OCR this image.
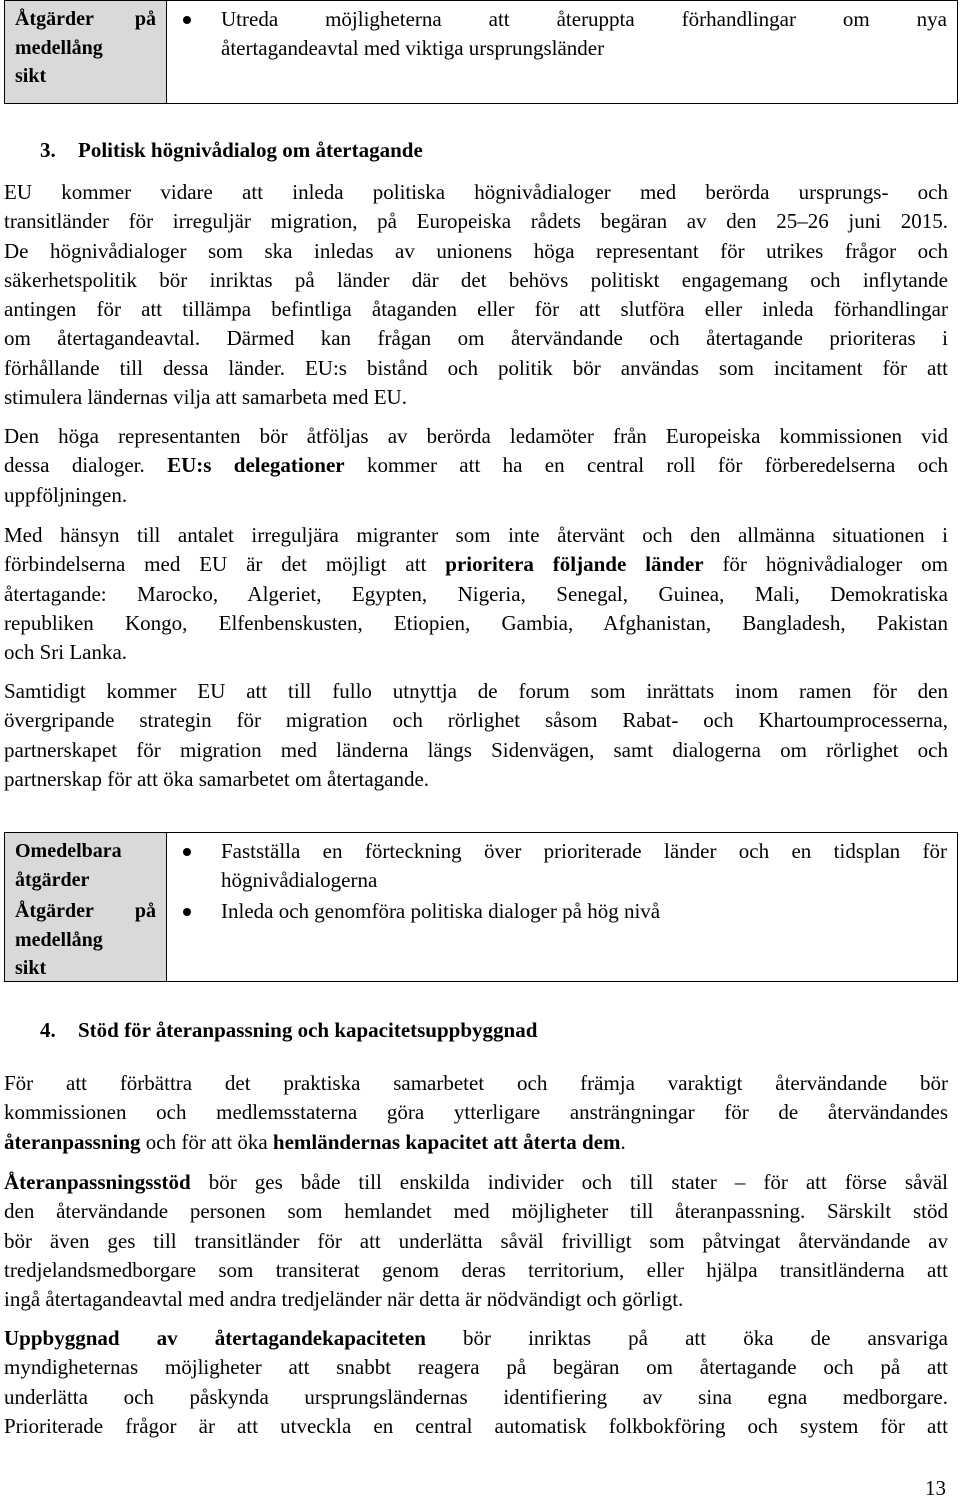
Åtgärder på
medellång
sikt
Utreda möjligheterna att återuppta förhandlingar om nya
återtagandeavtal med viktiga ursprungsländer
3. Politisk högnivådialog om återtagande
EU kommer vidare att inleda politiska högnivådialoger med berörda ursprungs- och
transitländer för irreguljär migration, på Europeiska rådets begäran av den 25–26 juni 2015.
De högnivådialoger som ska inledas av unionens höga representant för utrikes frågor och
säkerhetspolitik bör inriktas på länder där det behövs politiskt engagemang och inflytande
antingen för att tillämpa befintliga åtaganden eller för att slutföra eller inleda förhandlingar
om återtagandeavtal. Därmed kan frågan om återvändande och återtagande prioriteras i
förhållande till dessa länder. EU:s bistånd och politik bör användas som incitament för att
stimulera ländernas vilja att samarbeta med EU.
Den höga representanten bör åtföljas av berörda ledamöter från Europeiska kommissionen vid
dessa dialoger. EU:s delegationer kommer att ha en central roll för förberedelserna och
uppföljningen.
Med hänsyn till antalet irreguljära migranter som inte återvänt och den allmänna situationen i
förbindelserna med EU är det möjligt att prioritera följande länder för högnivådialoger om
återtagande: Marocko, Algeriet, Egypten, Nigeria, Senegal, Guinea, Mali, Demokratiska
republiken Kongo, Elfenbenskusten, Etiopien, Gambia, Afghanistan, Bangladesh, Pakistan
och Sri Lanka.
Samtidigt kommer EU att till fullo utnyttja de forum som inrättats inom ramen för den
övergripande strategin för migration och rörlighet såsom Rabat- och Khartoumprocesserna,
partnerskapet för migration med länderna längs Sidenvägen, samt dialogerna om rörlighet och
partnerskap för att öka samarbetet om återtagande.
Omedelbara
åtgärder
Åtgärder på
medellång
sikt
Fastställa en förteckning över prioriterade länder och en tidsplan för
högnivådialogerna
Inleda och genomföra politiska dialoger på hög nivå
4. Stöd för återanpassning och kapacitetsuppbyggnad
För att förbättra det praktiska samarbetet och främja varaktigt återvändande bör
kommissionen och medlemsstaterna göra ytterligare ansträngningar för de återvändandes
återanpassning och för att öka hemländernas kapacitet att återta dem.
Återanpassningsstöd bör ges både till enskilda individer och till stater – för att förse såväl
den återvändande personen som hemlandet med möjligheter till återanpassning. Särskilt stöd
bör även ges till transitländer för att underlätta såväl frivilligt som påtvingat återvändande av
tredjelandsmedborgare som transiterat genom deras territorium, eller hjälpa transitländerna att
ingå återtagandeavtal med andra tredjeländer när detta är nödvändigt och görligt.
Uppbyggnad av återtagandekapaciteten bör inriktas på att öka de ansvariga
myndigheternas möjligheter att snabbt reagera på begäran om återtagande och på att
underlätta och påskynda ursprungsländernas identifiering av sina egna medborgare.
Prioriterade frågor är att utveckla en central automatisk folkbokföring och system för att
13
